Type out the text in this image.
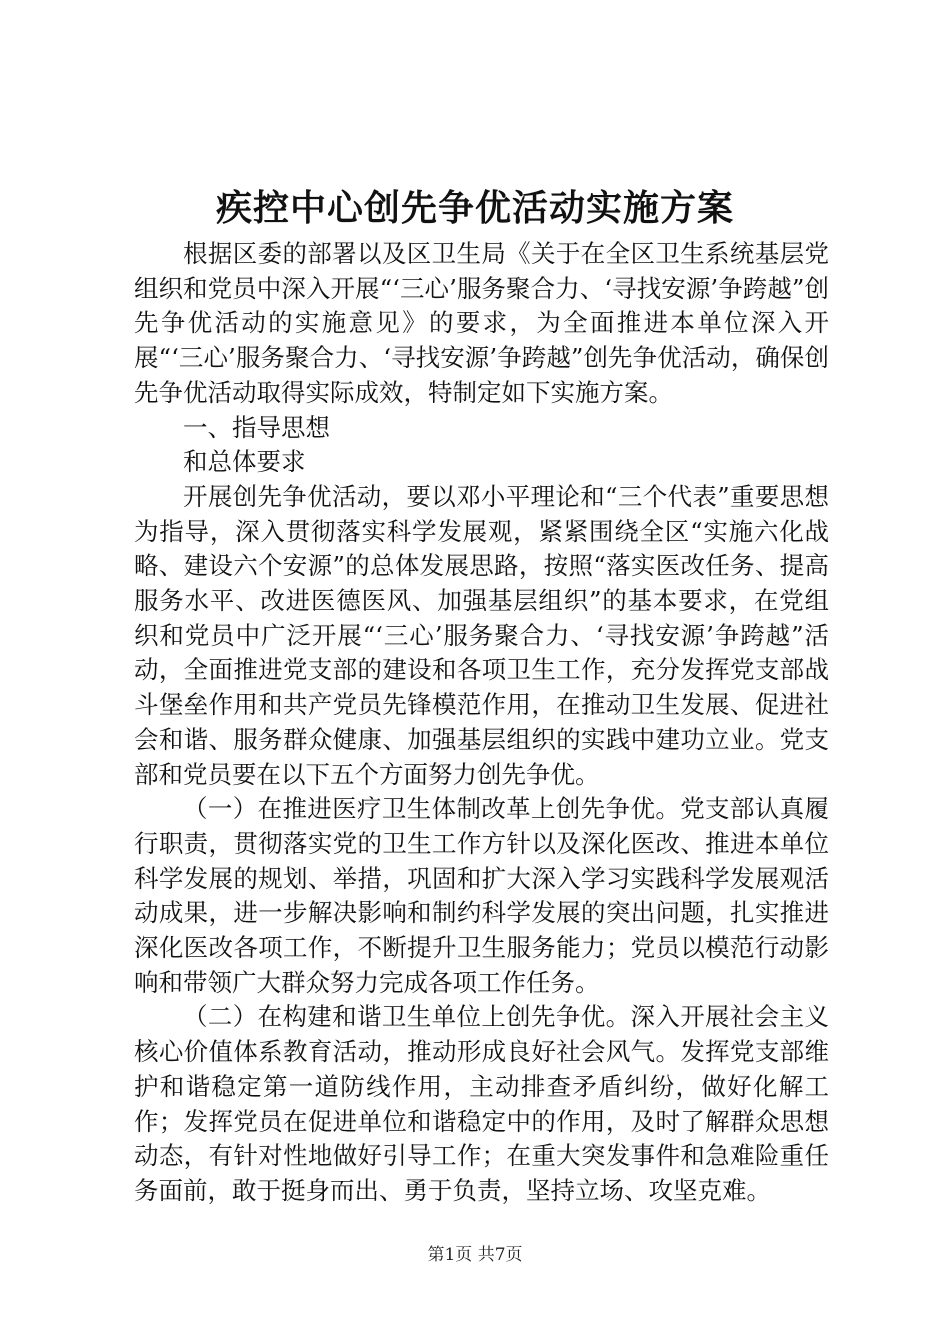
疾控中心创先争优活动实施方案

根据区委的部署以及区卫生局《关于在全区卫生系统基层党组织和党员中深入开展“‘三心’服务聚合力、‘寻找安源’争跨越”创先争优活动的实施意见》的要求，为全面推进本单位深入开展“‘三心’服务聚合力、‘寻找安源’争跨越”创先争优活动，确保创先争优活动取得实际成效，特制定如下实施方案。

一、指导思想

和总体要求

开展创先争优活动，要以邓小平理论和“三个代表”重要思想为指导，深入贯彻落实科学发展观，紧紧围绕全区“实施六化战略、建设六个安源”的总体发展思路，按照“落实医改任务、提高服务水平、改进医德医风、加强基层组织”的基本要求，在党组织和党员中广泛开展“‘三心’服务聚合力、‘寻找安源’争跨越”活动，全面推进党支部的建设和各项卫生工作，充分发挥党支部战斗堡垒作用和共产党员先锋模范作用，在推动卫生发展、促进社会和谐、服务群众健康、加强基层组织的实践中建功立业。党支部和党员要在以下五个方面努力创先争优。

（一）在推进医疗卫生体制改革上创先争优。党支部认真履行职责，贯彻落实党的卫生工作方针以及深化医改、推进本单位科学发展的规划、举措，巩固和扩大深入学习实践科学发展观活动成果，进一步解决影响和制约科学发展的突出问题，扎实推进深化医改各项工作，不断提升卫生服务能力；党员以模范行动影响和带领广大群众努力完成各项工作任务。

（二）在构建和谐卫生单位上创先争优。深入开展社会主义核心价值体系教育活动，推动形成良好社会风气。发挥党支部维护和谐稳定第一道防线作用，主动排查矛盾纠纷，做好化解工作；发挥党员在促进单位和谐稳定中的作用，及时了解群众思想动态，有针对性地做好引导工作；在重大突发事件和急难险重任务面前，敢于挺身而出、勇于负责，坚持立场、攻坚克难。

第1页 共7页
